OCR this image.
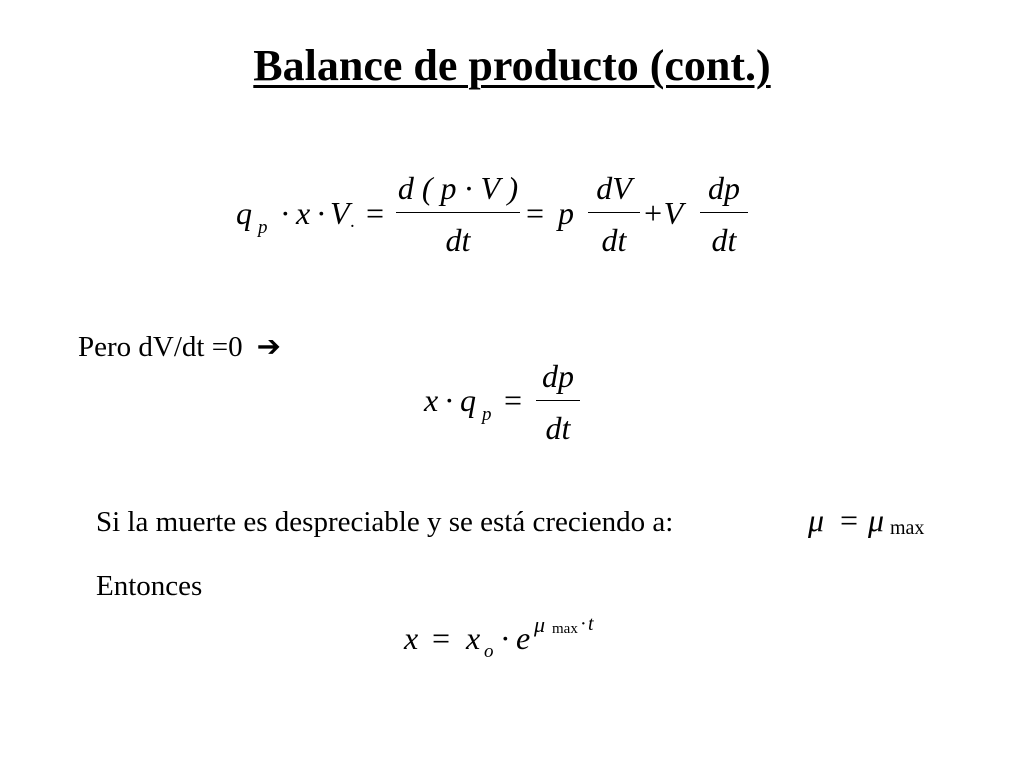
Balance de producto (cont.)
q p · x · V . =
d ( p · V )
dt
= p
dV
dt
+V
dp
dt
Pero dV/dt =0 ➔
x · q p =
dp
dt
Si la muerte es despreciable y se está creciendo a:	μ = μ max
Entonces
x = x o · e μ max · t
